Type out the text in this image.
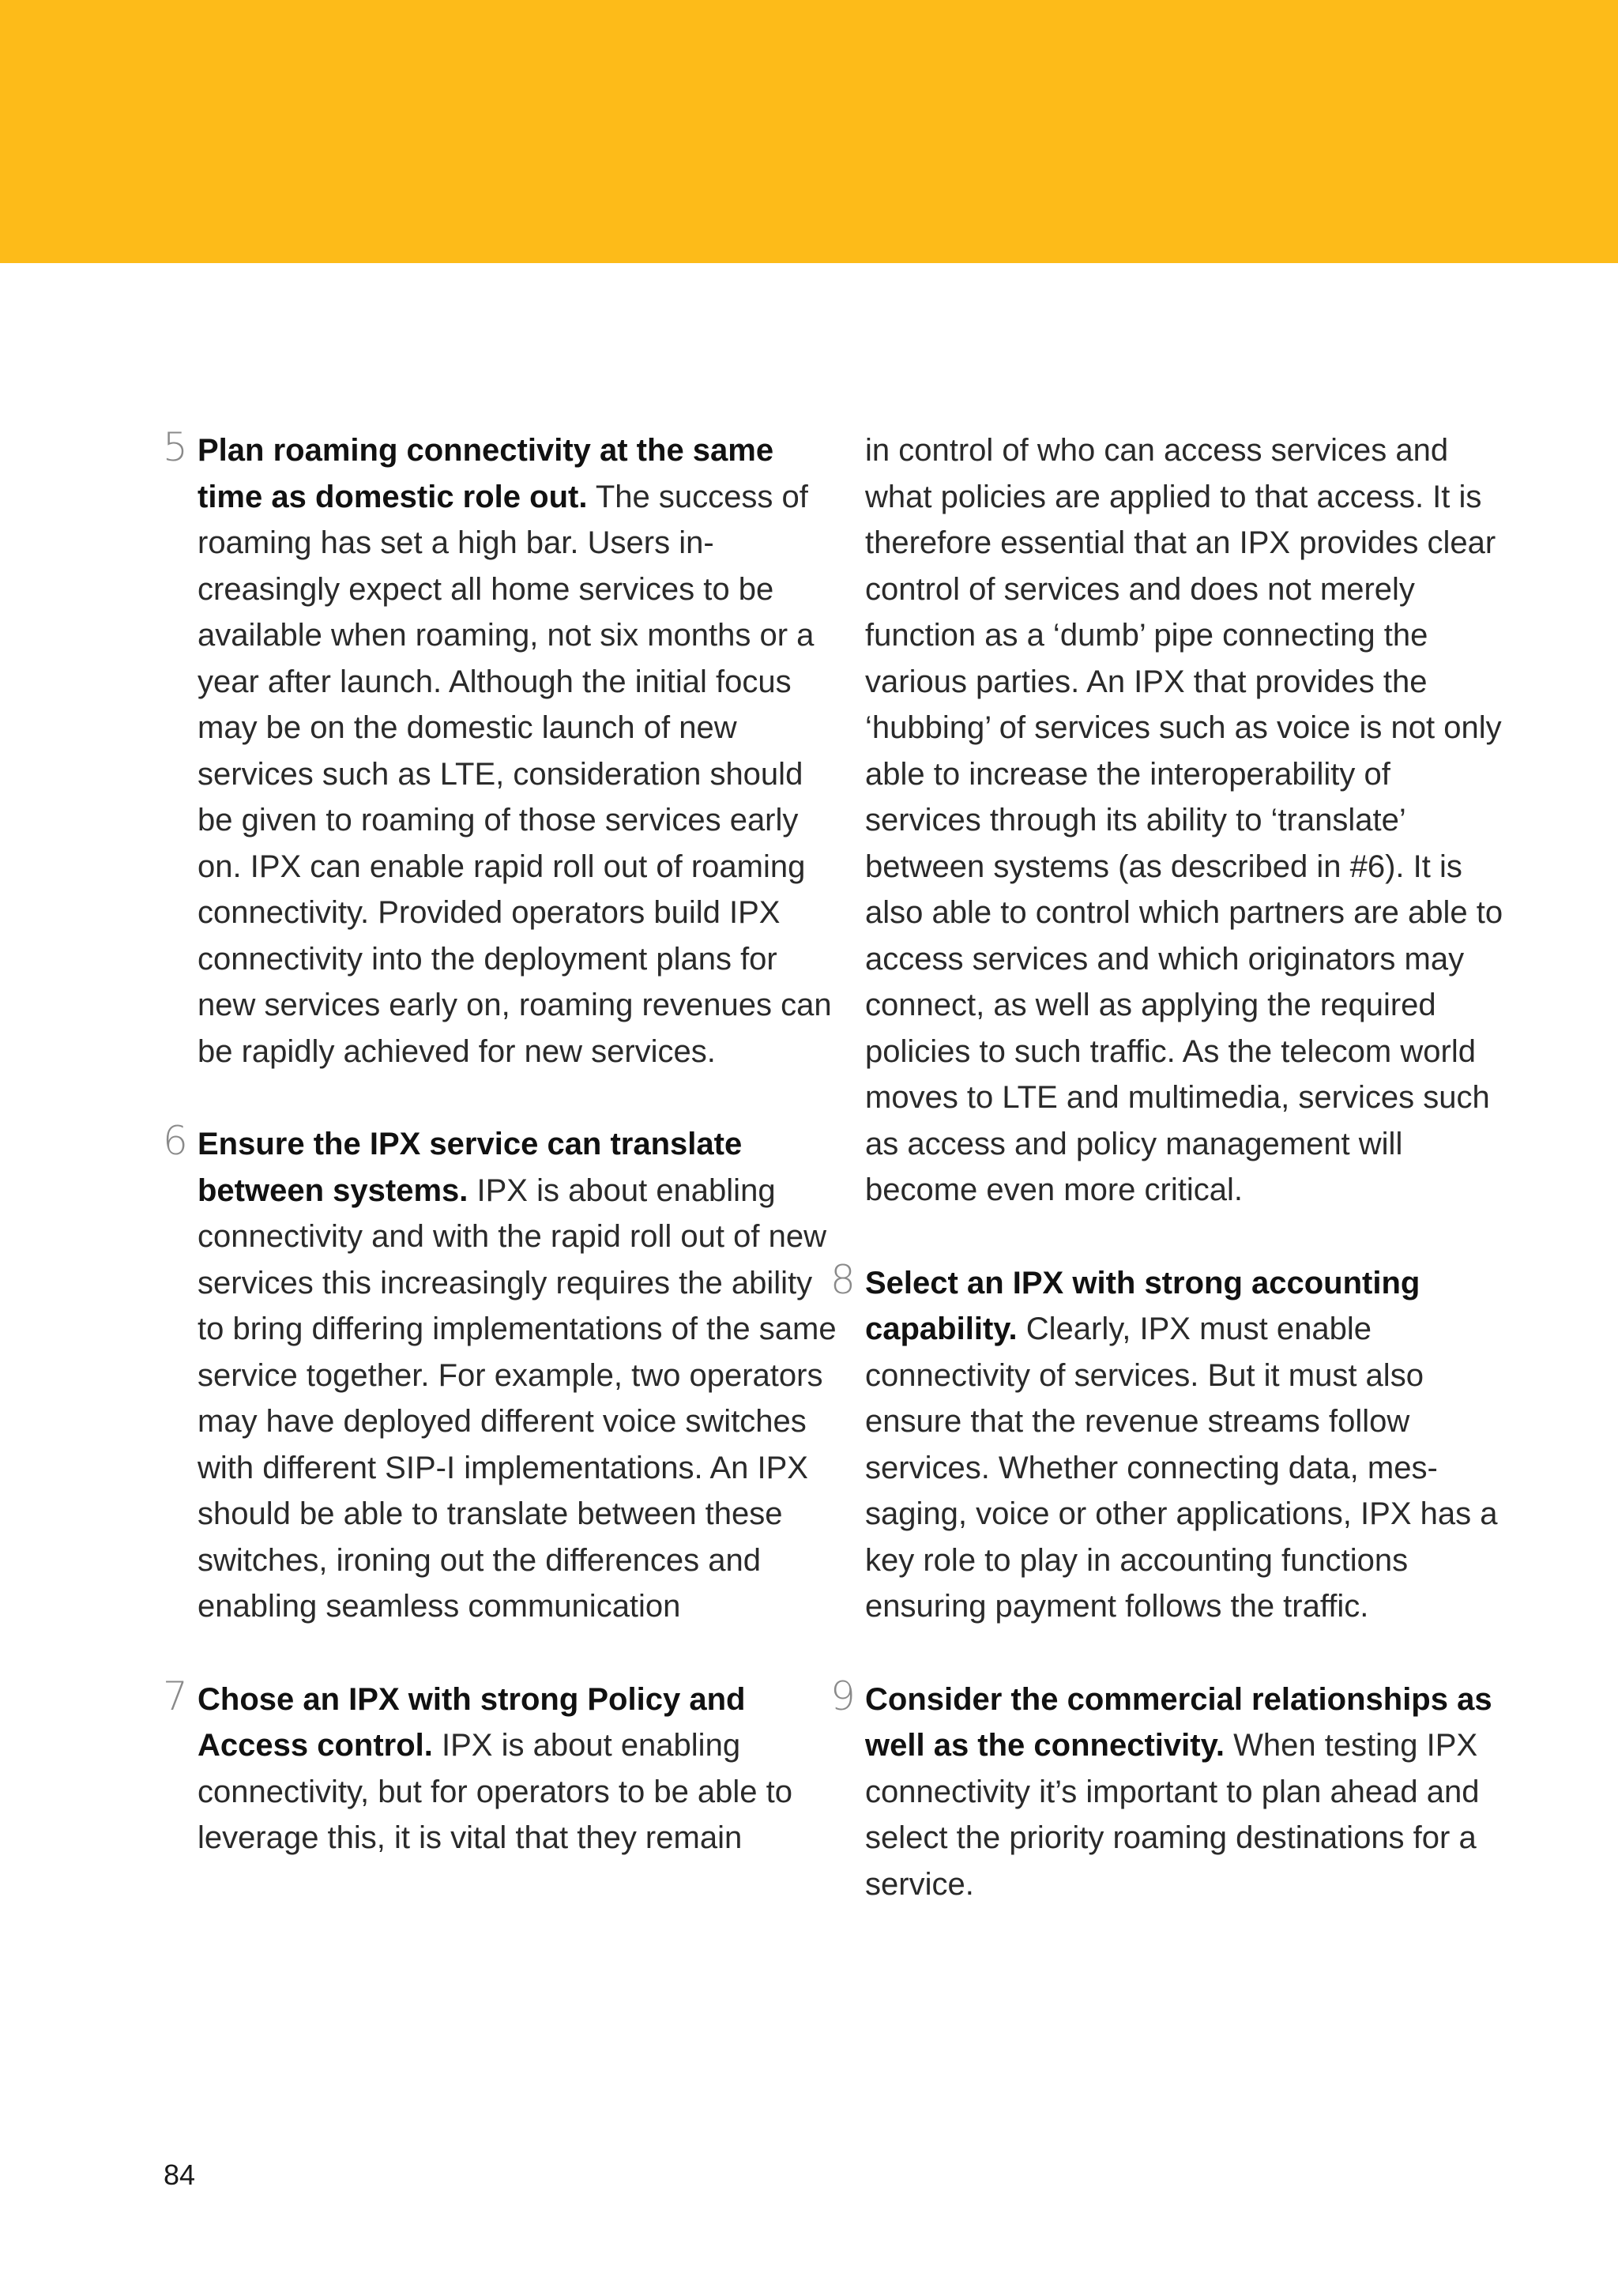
5 Plan roaming connectivity at the same time as domestic role out. The success of roaming has set a high bar. Users increasingly expect all home services to be available when roaming, not six months or a year after launch. Although the initial focus may be on the domestic launch of new services such as LTE, consideration should be given to roaming of those services early on. IPX can enable rapid roll out of roaming connectivity. Provided operators build IPX connectivity into the deployment plans for new services early on, roaming revenues can be rapidly achieved for new services.

6 Ensure the IPX service can translate between systems. IPX is about enabling connectivity and with the rapid roll out of new services this increasingly requires the ability to bring differing implementations of the same service together. For example, two operators may have deployed different voice switches with different SIP-I implementations. An IPX should be able to translate between these switches, ironing out the differences and enabling seamless communication

7 Chose an IPX with strong Policy and Access control. IPX is about enabling connectivity, but for operators to be able to leverage this, it is vital that they remain

in control of who can access services and what policies are applied to that access. It is therefore essential that an IPX provides clear control of services and does not merely function as a ‘dumb’ pipe connecting the various parties. An IPX that provides the ‘hubbing’ of services such as voice is not only able to increase the interoperability of services through its ability to ‘translate’ between systems (as described in #6). It is also able to control which partners are able to access services and which originators may connect, as well as applying the required policies to such traffic. As the telecom world moves to LTE and multimedia, services such as access and policy management will become even more critical.

8 Select an IPX with strong accounting capability. Clearly, IPX must enable connectivity of services. But it must also ensure that the revenue streams follow services. Whether connecting data, messaging, voice or other applications, IPX has a key role to play in accounting functions ensuring payment follows the traffic.

9 Consider the commercial relationships as well as the connectivity. When testing IPX connectivity it’s important to plan ahead and select the priority roaming destinations for a service.

84
